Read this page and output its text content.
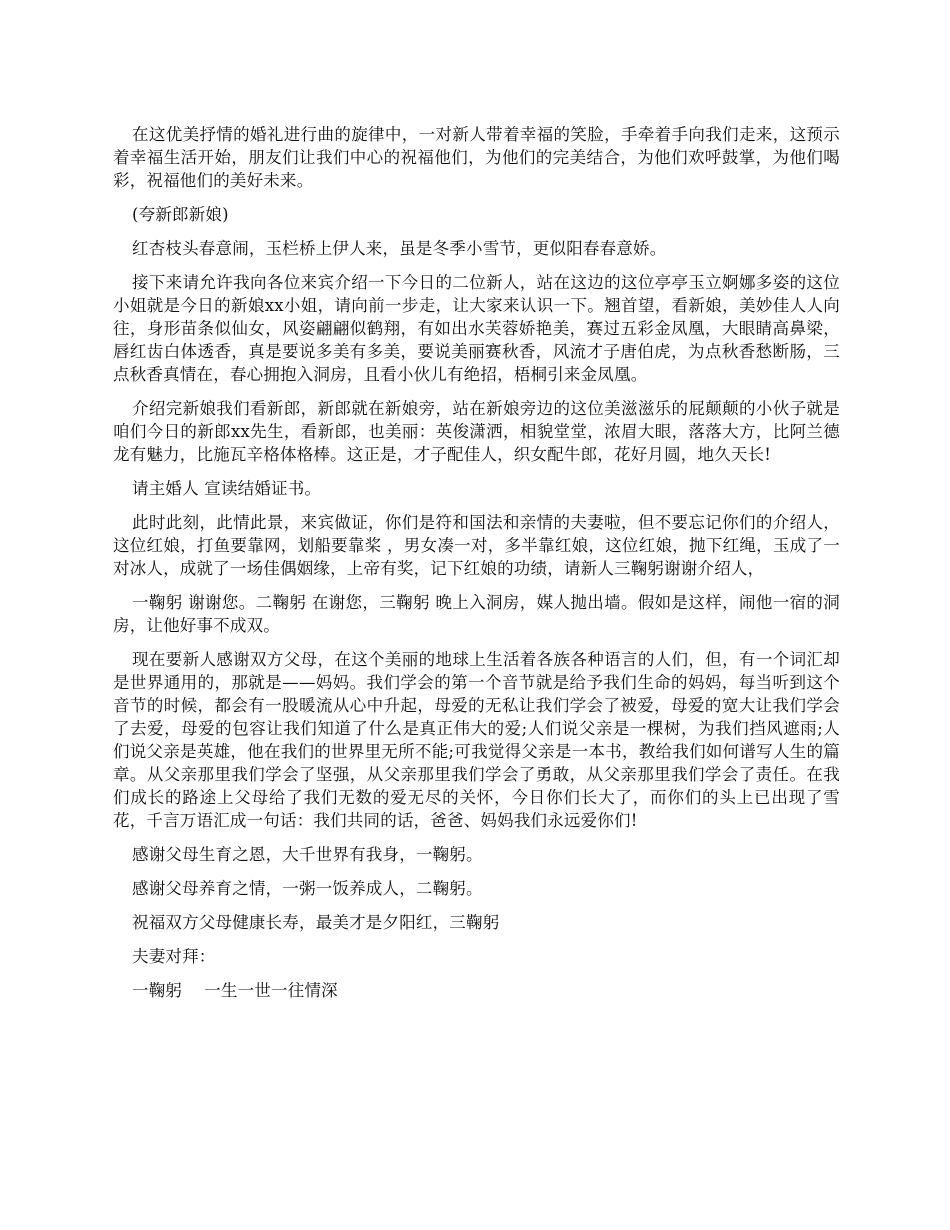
在这优美抒情的婚礼进行曲的旋律中，一对新人带着幸福的笑脸，手牵着手向我们走来，这预示着幸福生活开始，朋友们让我们中心的祝福他们，为他们的完美结合，为他们欢呼鼓掌，为他们喝彩，祝福他们的美好未来。

(夸新郎新娘)

红杏枝头春意闹，玉栏桥上伊人来，虽是冬季小雪节，更似阳春春意娇。

接下来请允许我向各位来宾介绍一下今日的二位新人，站在这边的这位亭亭玉立婀娜多姿的这位小姐就是今日的新娘xx小姐，请向前一步走，让大家来认识一下。翘首望，看新娘，美妙佳人人向往，身形苗条似仙女，风姿翩翩似鹤翔，有如出水芙蓉娇艳美，赛过五彩金凤凰，大眼睛高鼻梁，唇红齿白体透香，真是要说多美有多美，要说美丽赛秋香，风流才子唐伯虎，为点秋香愁断肠，三点秋香真情在，春心拥抱入洞房，且看小伙儿有绝招，梧桐引来金凤凰。

介绍完新娘我们看新郎，新郎就在新娘旁，站在新娘旁边的这位美滋滋乐的屁颠颠的小伙子就是咱们今日的新郎xx先生，看新郎，也美丽：英俊潇洒，相貌堂堂，浓眉大眼，落落大方，比阿兰德龙有魅力，比施瓦辛格体格棒。这正是，才子配佳人，织女配牛郎，花好月圆，地久天长!

请主婚人 宣读结婚证书。

此时此刻，此情此景，来宾做证，你们是符和国法和亲情的夫妻啦，但不要忘记你们的介绍人，这位红娘，打鱼要靠网，划船要靠桨 ，男女凑一对，多半靠红娘，这位红娘，抛下红绳，玉成了一对冰人，成就了一场佳偶姻缘，上帝有奖，记下红娘的功绩，请新人三鞠躬谢谢介绍人，

一鞠躬 谢谢您。二鞠躬 在谢您，三鞠躬 晚上入洞房，媒人抛出墙。假如是这样，闹他一宿的洞房，让他好事不成双。

现在要新人感谢双方父母，在这个美丽的地球上生活着各族各种语言的人们，但，有一个词汇却是世界通用的，那就是——妈妈。我们学会的第一个音节就是给予我们生命的妈妈，每当听到这个音节的时候，都会有一股暖流从心中升起，母爱的无私让我们学会了被爱，母爱的宽大让我们学会了去爱，母爱的包容让我们知道了什么是真正伟大的爱;人们说父亲是一棵树，为我们挡风遮雨;人们说父亲是英雄，他在我们的世界里无所不能;可我觉得父亲是一本书，教给我们如何谱写人生的篇章。从父亲那里我们学会了坚强，从父亲那里我们学会了勇敢，从父亲那里我们学会了责任。在我们成长的路途上父母给了我们无数的爱无尽的关怀，今日你们长大了，而你们的头上已出现了雪花，千言万语汇成一句话：我们共同的话，爸爸、妈妈我们永远爱你们!

感谢父母生育之恩，大千世界有我身，一鞠躬。

感谢父母养育之情，一粥一饭养成人，二鞠躬。

祝福双方父母健康长寿，最美才是夕阳红，三鞠躬

夫妻对拜：

一鞠躬　 一生一世一往情深
